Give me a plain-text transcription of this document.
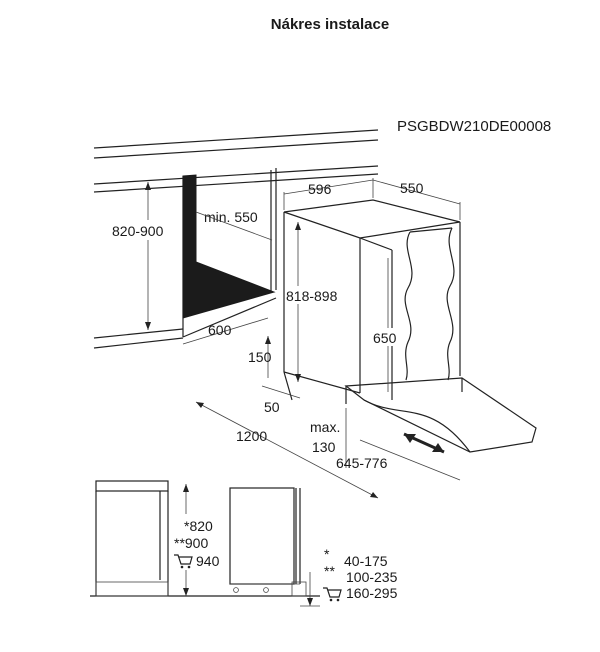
Nákres instalace
PSGBDW210DE00008
820-900
min. 550
600
596	550
818-898
650
150
50
1200
max.
130
645-776
*820
**900
940	* 40-175
** 100-235
160-295
